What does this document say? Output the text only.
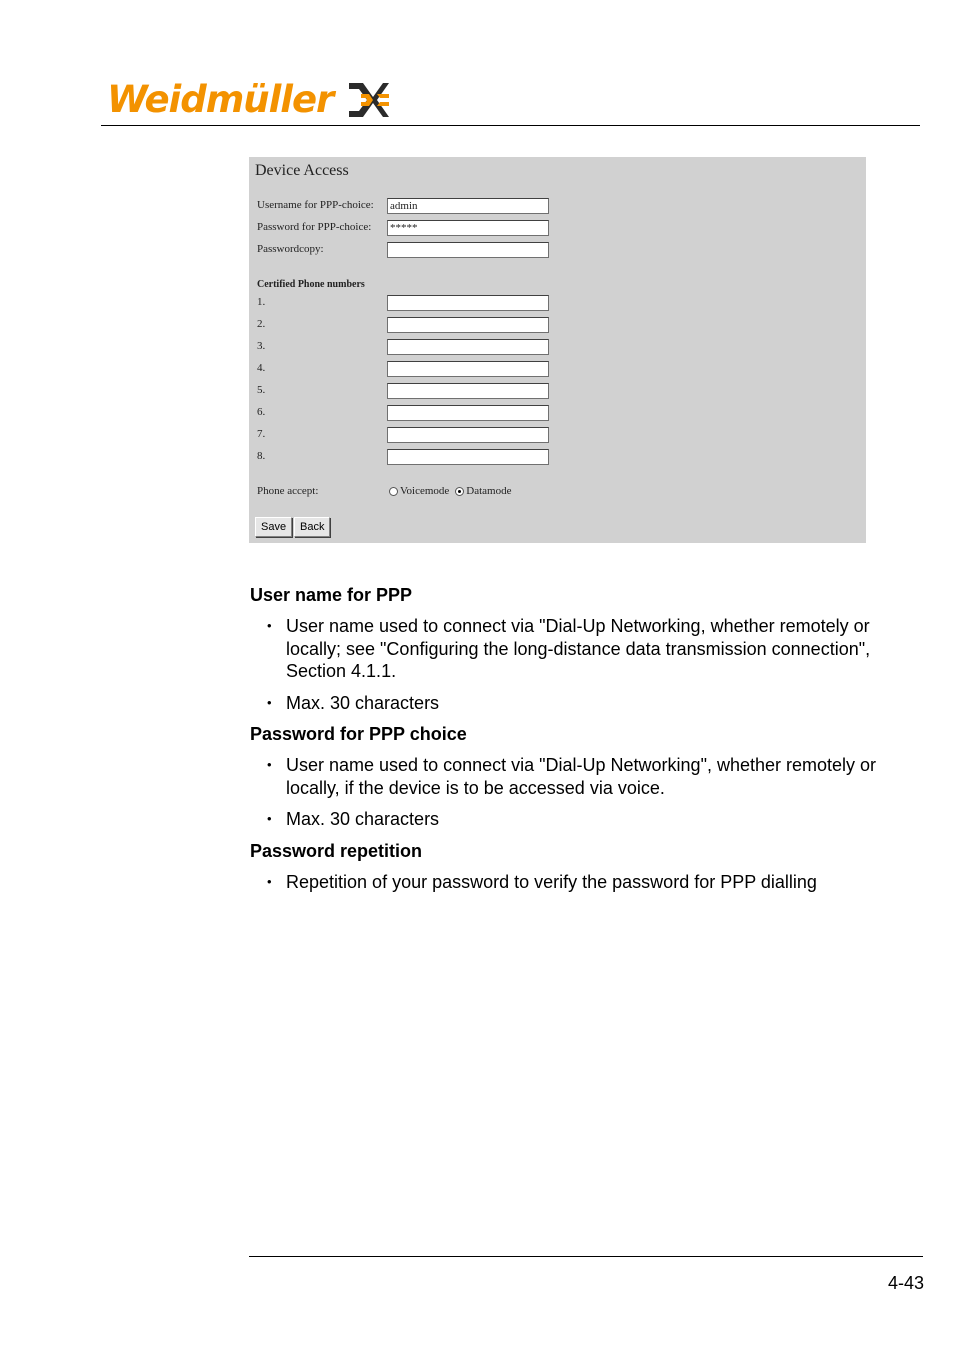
Weidmüller
Device Access
Username for PPP-choice: admin
Password for PPP-choice: *****
Passwordcopy:
Certified Phone numbers
1.
2.
3.
4.
5.
6.
7.
8.
Phone accept:	Voicemode Datamode
Save	Back
User name for PPP
• User name used to connect via "Dial-Up Networking, whether remotely or locally; see "Configuring the long-distance data transmission connection", Section 4.1.1.
• Max. 30 characters
Password for PPP choice
• User name used to connect via "Dial-Up Networking", whether remotely or locally, if the device is to be accessed via voice.
• Max. 30 characters
Password repetition
• Repetition of your password to verify the password for PPP dialling
4-43
